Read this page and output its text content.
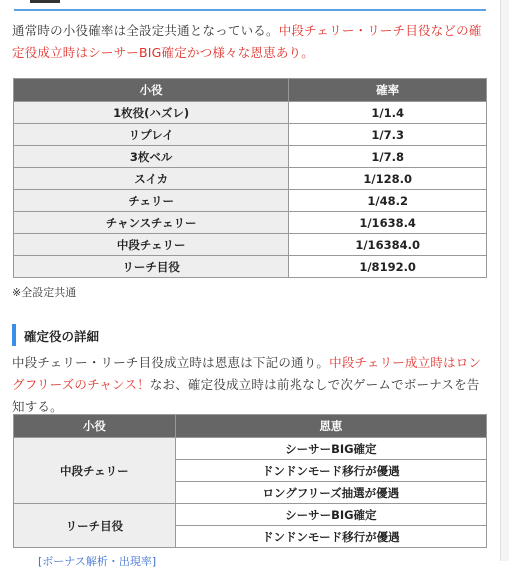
通常時の小役確率は全設定共通となっている。中段チェリー・リーチ目役などの確定役成立時はシーサーBIG確定かつ様々な恩恵あり。

小役	確率
1枚役(ハズレ)	1/1.4
リプレイ	1/7.3
3枚ベル	1/7.8
スイカ	1/128.0
チェリー	1/48.2
チャンスチェリー	1/1638.4
中段チェリー	1/16384.0
リーチ目役	1/8192.0
※全設定共通
確定役の詳細

中段チェリー・リーチ目役成立時は恩恵は下記の通り。中段チェリー成立時はロングフリーズのチャンス！なお、確定役成立時は前兆なしで次ゲームでボーナスを告知する。

小役	恩恵
中段チェリー	シーサーBIG確定
	ドンドンモード移行が優遇
	ロングフリーズ抽選が優遇
リーチ目役	シーサーBIG確定
	ドンドンモード移行が優遇
[ボーナス解析・出現率]
